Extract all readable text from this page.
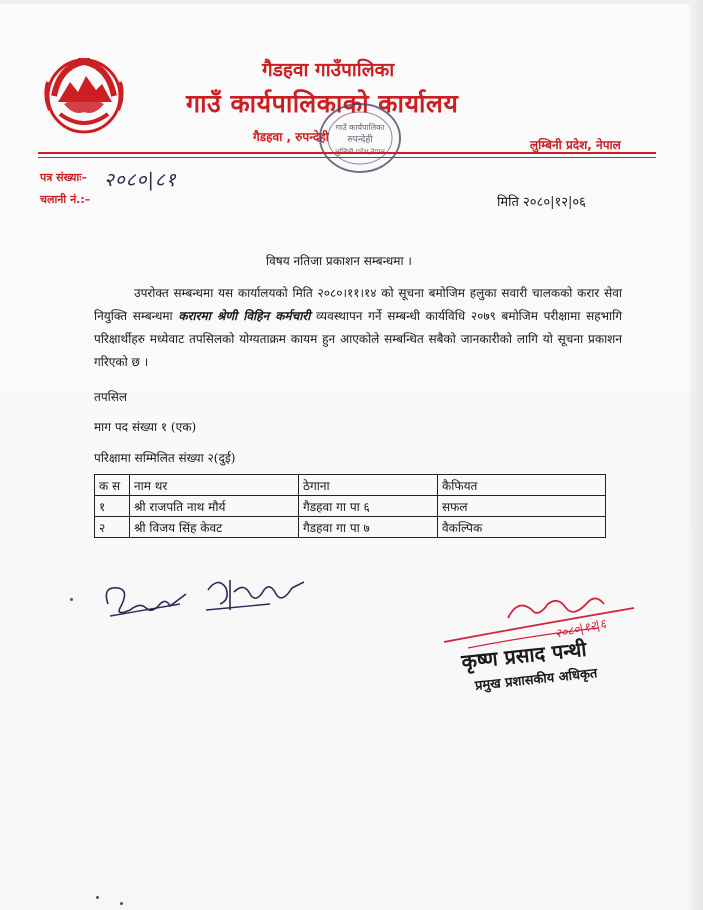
गैडहवा गाउँपालिका
गाउँ कार्यपालिकाको कार्यालय
गैडहवा , रुपन्देही
लुम्बिनी प्रदेश, नेपाल
गाउँ कार्यपालिका
रुपन्देही
पत्र संख्याः– २०८०|८१
चलानी नं.:–	मिति २०८०|१२|०६
विषय नतिजा प्रकाशन सम्बन्धमा ।
उपरोक्त सम्बन्धमा यस कार्यालयको मिति २०८०।११।१४ को सूचना बमोजिम हलुका सवारी चालकको करार सेवा नियुक्ति सम्बन्धमा करारमा श्रेणी विहिन कर्मचारी व्यवस्थापन गर्ने सम्बन्धी कार्यविधि २०७९ बमोजिम परीक्षामा सहभागि परिक्षार्थीहरु मध्येवाट तपसिलको योग्यताक्रम कायम हुन आएकोले सम्बन्धित सबैको जानकारीको लागि यो सूचना प्रकाशन गरिएको छ ।
तपसिल
माग पद संख्या १ (एक)
परिक्षामा सम्मिलित संख्या २(दुई)
क स	नाम थर	ठेगाना	कैफियत
१	श्री राजपति नाथ मौर्य	गैडहवा गा पा ६	सफल
२	श्री विजय सिंह केवट	गैडहवा गा पा ७	वैकल्पिक
२०८०|१२|६
कृष्ण प्रसाद पन्थी
प्रमुख प्रशासकीय अधिकृत
